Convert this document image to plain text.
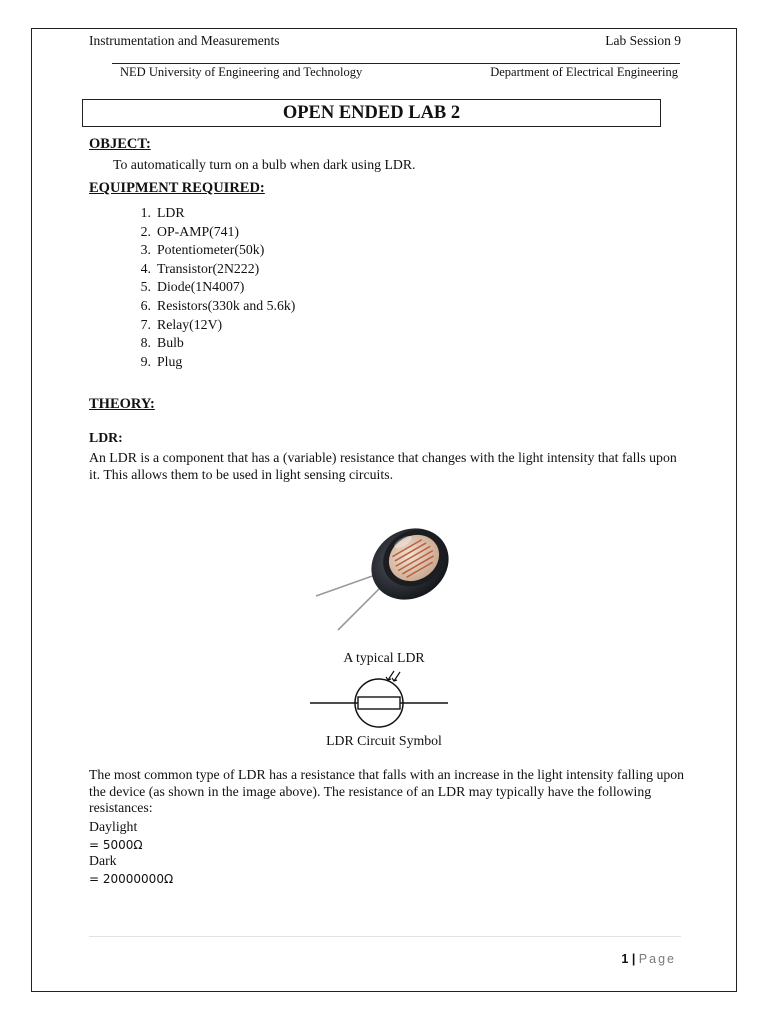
Instrumentation and Measurements	Lab Session 9
NED University of Engineering and Technology	Department of Electrical Engineering
OPEN ENDED LAB 2
OBJECT:
To automatically turn on a bulb when dark using LDR.
EQUIPMENT REQUIRED:
1. LDR
2. OP-AMP(741)
3. Potentiometer(50k)
4. Transistor(2N222)
5. Diode(1N4007)
6. Resistors(330k and 5.6k)
7. Relay(12V)
8. Bulb
9. Plug
THEORY:
LDR:
An LDR is a component that has a (variable) resistance that changes with the light intensity that falls upon it. This allows them to be used in light sensing circuits.
A typical LDR
LDR Circuit Symbol
The most common type of LDR has a resistance that falls with an increase in the light intensity falling upon the device (as shown in the image above). The resistance of an LDR may typically have the following resistances:
Daylight
= 5000Ω
Dark
= 20000000Ω
1 | Page
